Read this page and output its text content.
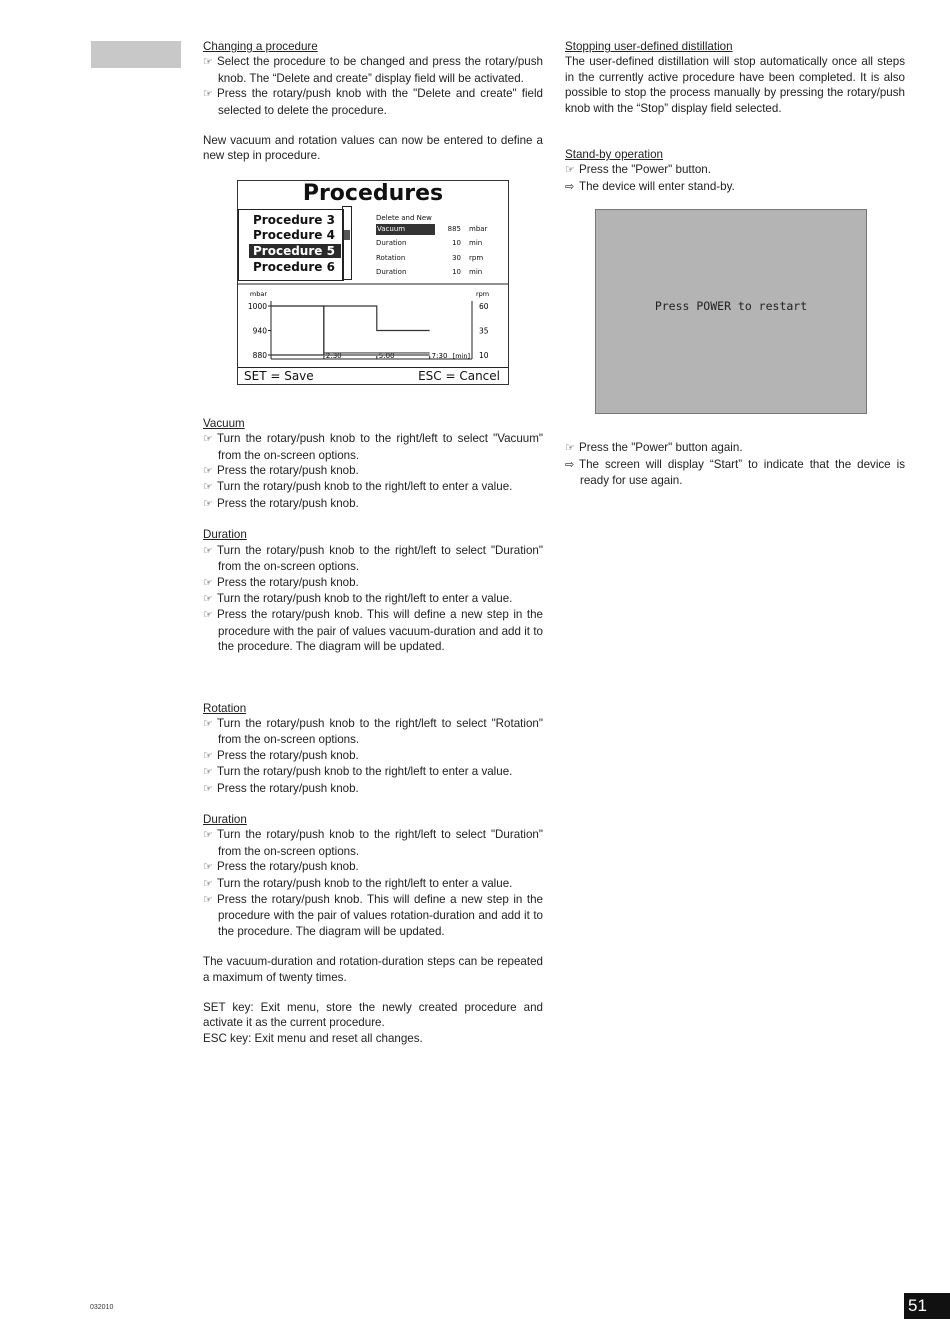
Changing a procedure
☞ Select the procedure to be changed and press the rotary/push knob. The “Delete and create” display field will be activated.
☞ Press the rotary/push knob with the "Delete and create" field selected to delete the procedure.
New vacuum and rotation values can now be entered to define a new step in procedure.
Vacuum
☞ Turn the rotary/push knob to the right/left to select "Vacuum" from the on-screen options.
☞ Press the rotary/push knob.
☞ Turn the rotary/push knob to the right/left to enter a value.
☞ Press the rotary/push knob.
Duration
☞ Turn the rotary/push knob to the right/left to select "Duration" from the on-screen options.
☞ Press the rotary/push knob.
☞ Turn the rotary/push knob to the right/left to enter a value.
☞ Press the rotary/push knob. This will define a new step in the procedure with the pair of values vacuum-duration and add it to the procedure. The diagram will be updated.
Rotation
☞ Turn the rotary/push knob to the right/left to select "Rotation" from the on-screen options.
☞ Press the rotary/push knob.
☞ Turn the rotary/push knob to the right/left to enter a value.
☞ Press the rotary/push knob.
Duration
☞ Turn the rotary/push knob to the right/left to select "Duration" from the on-screen options.
☞ Press the rotary/push knob.
☞ Turn the rotary/push knob to the right/left to enter a value.
☞ Press the rotary/push knob. This will define a new step in the procedure with the pair of values rotation-duration and add it to the procedure. The diagram will be updated.
The vacuum-duration and rotation-duration steps can be repeated a maximum of twenty times.
SET key: Exit menu, store the newly created procedure and activate it as the current procedure.
ESC key: Exit menu and reset all changes.
Procedures
Procedure 3
Procedure 4
Procedure 5
Procedure 6
Delete and New
Vacuum	885 mbar
Duration	10 min
Rotation	30 rpm
Duration	10 min
mbar	rpm
1000
940
880
60
35
10
2:30	5:00	7:30 [min]
SET = Save	ESC = Cancel
Stopping user-defined distillation
The user-defined distillation will stop automatically once all steps in the currently active procedure have been completed. It is also possible to stop the process manually by pressing the rotary/push knob with the “Stop” display field selected.
Stand-by operation
☞ Press the "Power" button.
⇨ The device will enter stand-by.
☞ Press the "Power" button again.
⇨ The screen will display “Start” to indicate that the device is ready for use again.
Press POWER to restart
032010	51
